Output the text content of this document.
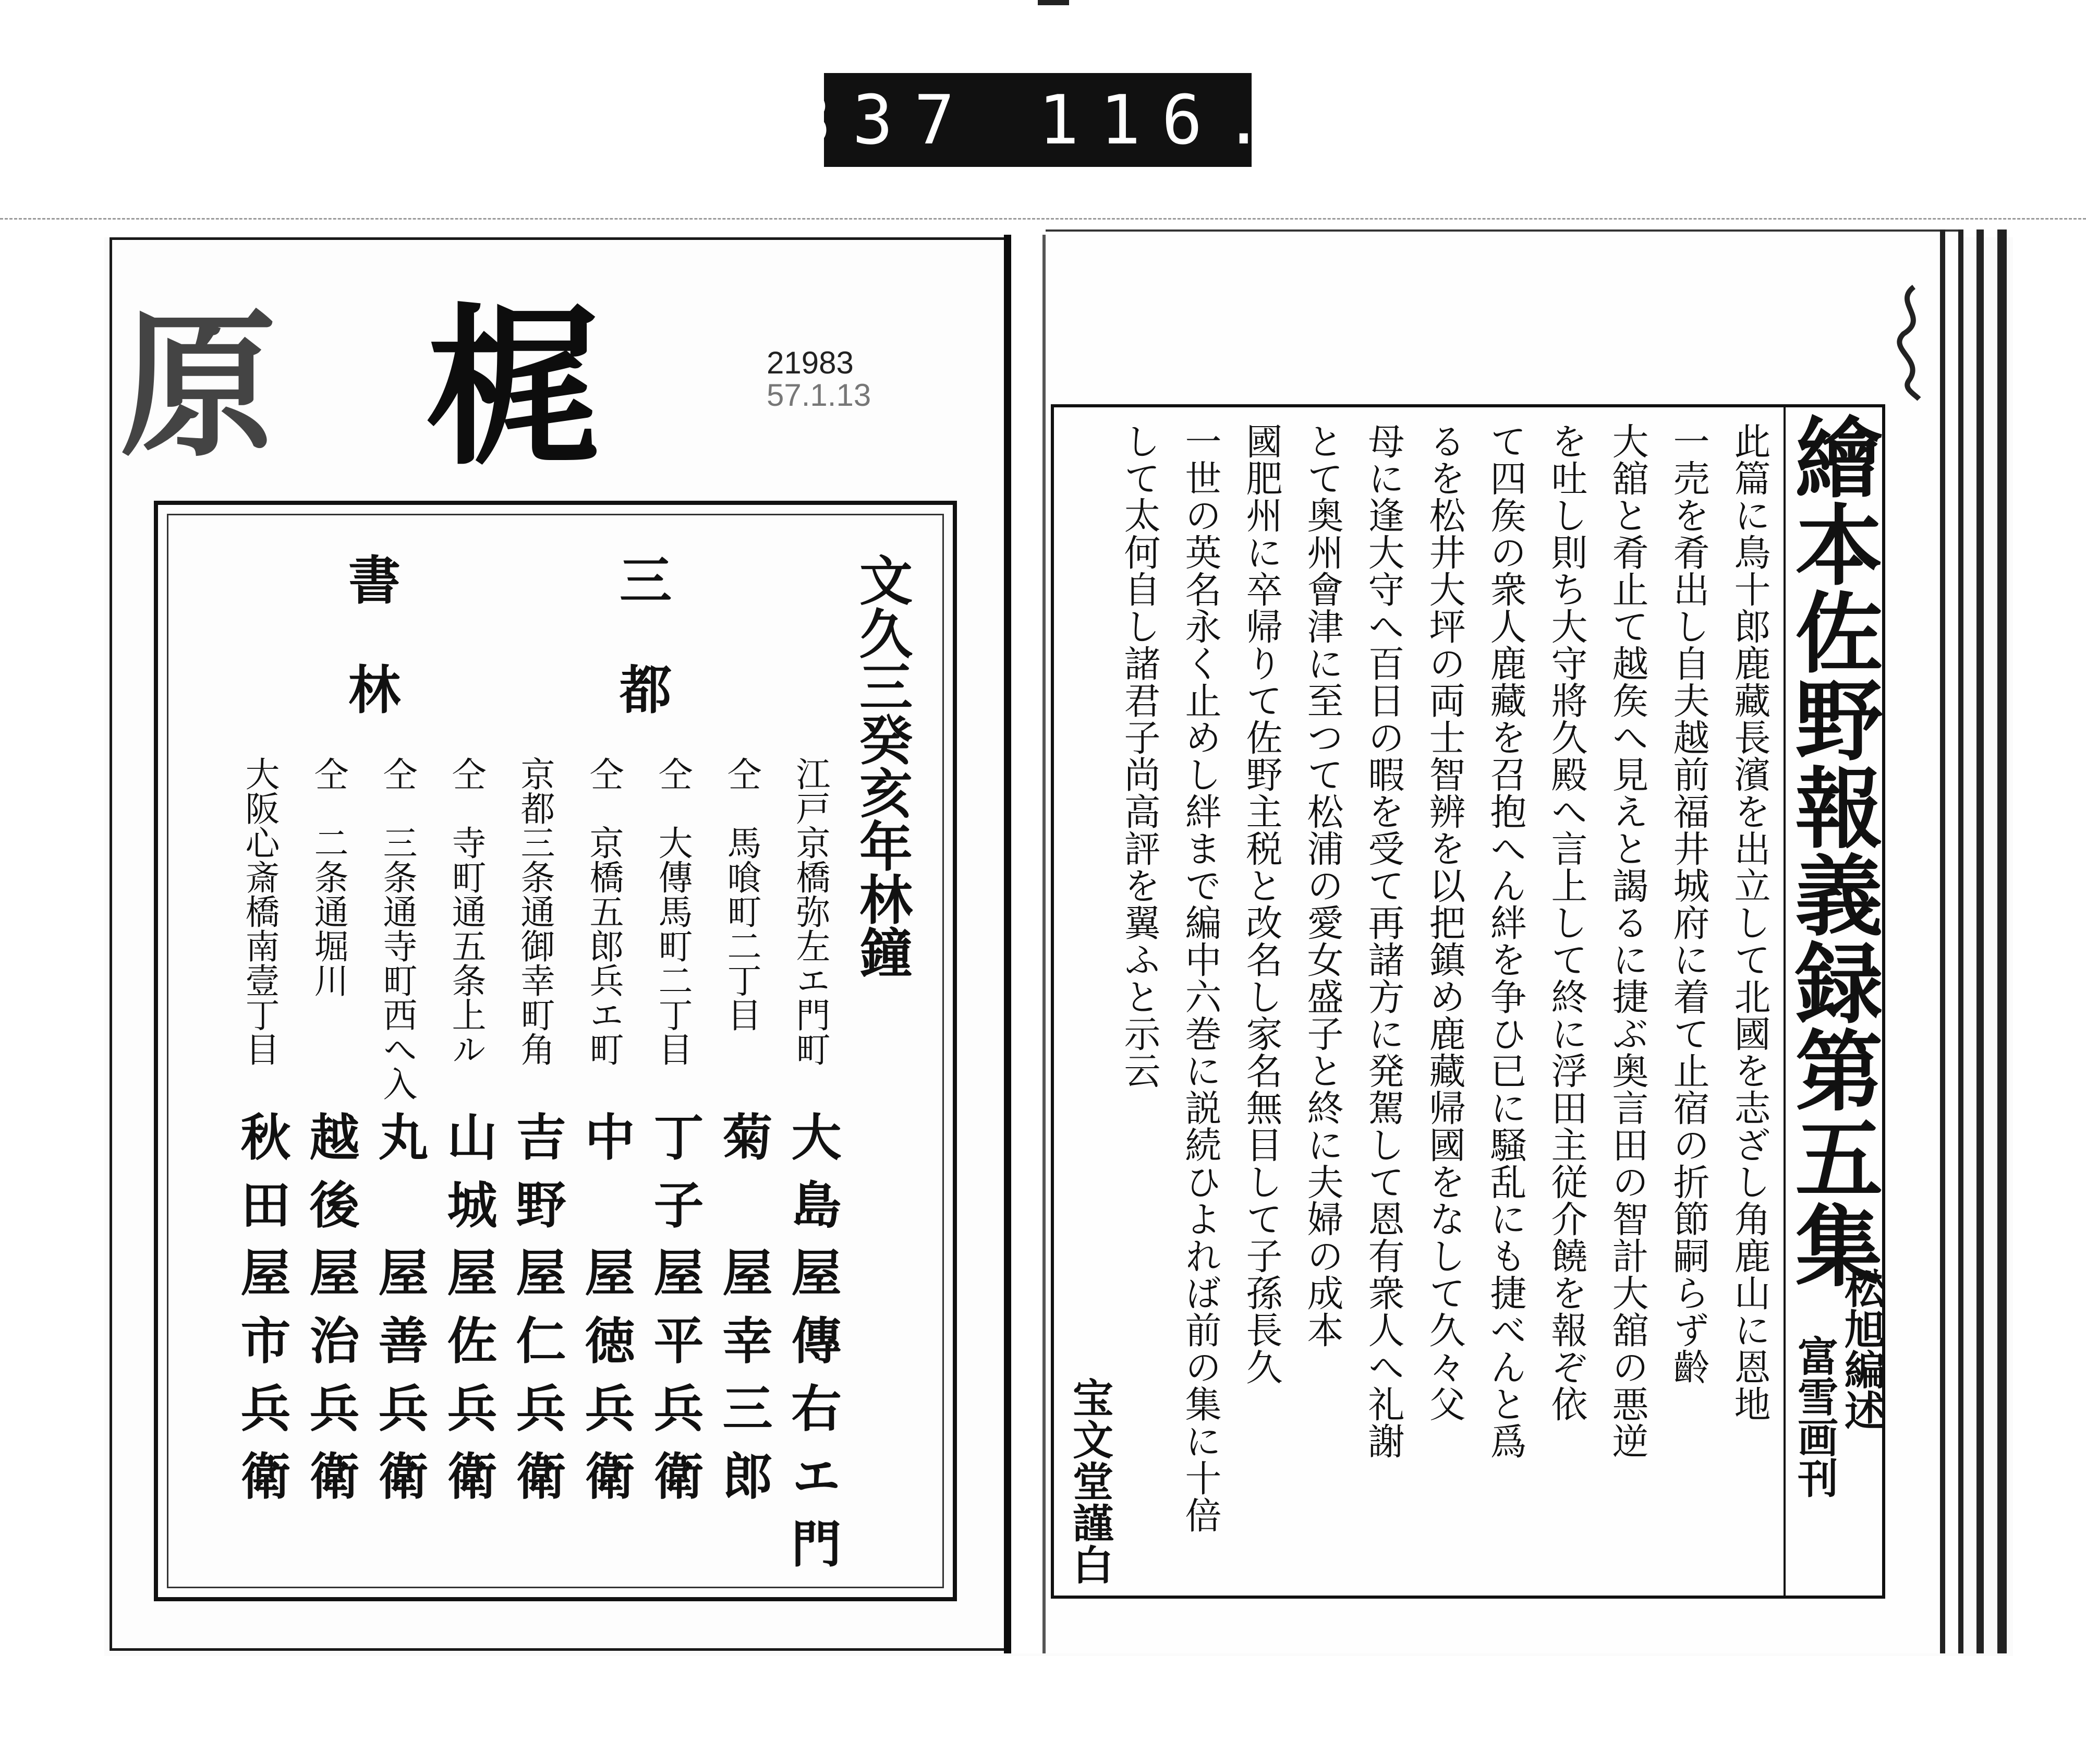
337 116.
原 梶	21983
57.1.13
文久三癸亥年林鐘
三都
書林
江戸京橋弥左エ門町
大島屋傳右エ門
仝　馬喰町二丁目
菊　屋幸三郎
仝　大傳馬町二丁目
丁子屋平兵衛
仝　京橋五郎兵エ町
中　屋徳兵衛
京都三条通御幸町角
吉野屋仁兵衛
仝　寺町通五条上ル
山城屋佐兵衛
仝　三条通寺町西へ入
丸　屋善兵衛
仝　二条通堀川
越後屋治兵衛
大阪心斎橋南壹丁目
秋田屋市兵衛
繪本佐野報義録第五集
松旭編述
富雪画刊
此篇に鳥十郎鹿藏長濱を出立して北國を志ざし角鹿山に恩地
一売を肴出し自夫越前福井城府に着て止宿の折節嗣らず齡
大舘と肴止て越矦へ見えと謁るに捷ぶ奥言田の智計大舘の悪逆
を吐し則ち大守將久殿へ言上して終に浮田主従介饒を報ぞ依
て四矦の衆人鹿藏を召抱へん絆を争ひ已に騒乱にも捷べんと爲
るを松井大坪の両士智辨を以把鎮め鹿藏帰國をなして久々父
母に逢大守へ百日の暇を受て再諸方に発駕して恩有衆人へ礼謝
とて奥州會津に至つて松浦の愛女盛子と終に夫婦の成本
國肥州に卒帰りて佐野主税と改名し家名無目して子孫長久
一世の英名永く止めし絆まで編中六巻に説続ひよれば前の集に十倍
して太何自し諸君子尚高評を翼ふと示云
宝文堂謹白
